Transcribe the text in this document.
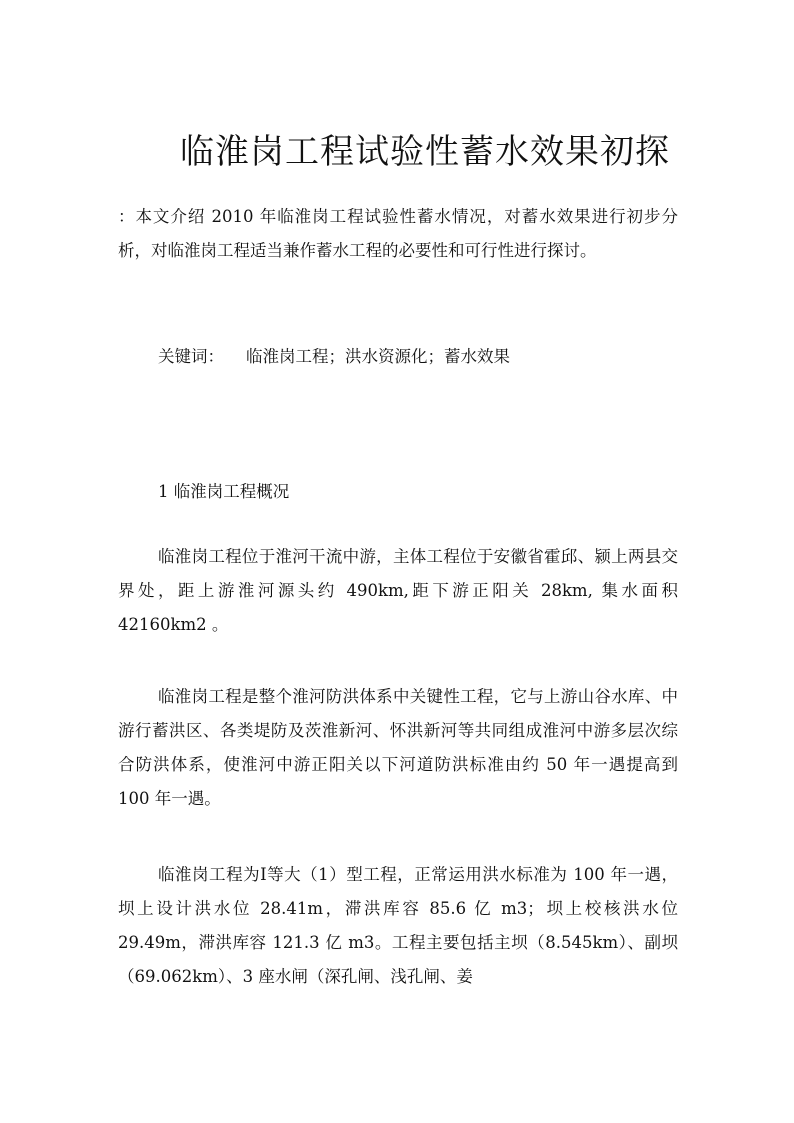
临淮岗工程试验性蓄水效果初探

：本文介绍 2010 年临淮岗工程试验性蓄水情况，对蓄水效果进行初步分析，对临淮岗工程适当兼作蓄水工程的必要性和可行性进行探讨。

关键词： 临淮岗工程；洪水资源化；蓄水效果

1 临淮岗工程概况

临淮岗工程位于淮河干流中游，主体工程位于安徽省霍邱、颍上两县交界处，距上游淮河源头约 490km,距下游正阳关 28km, 集水面积 42160km2 。

临淮岗工程是整个淮河防洪体系中关键性工程，它与上游山谷水库、中游行蓄洪区、各类堤防及茨淮新河、怀洪新河等共同组成淮河中游多层次综合防洪体系，使淮河中游正阳关以下河道防洪标准由约 50 年一遇提高到 100 年一遇。

临淮岗工程为Ⅰ等大（1）型工程，正常运用洪水标准为 100 年一遇，坝上设计洪水位 28.41m，滞洪库容 85.6 亿 m3；坝上校核洪水位 29.49m，滞洪库容 121.3 亿 m3。工程主要包括主坝（8.545km）、副坝（69.062km）、3 座水闸（深孔闸、浅孔闸、姜
